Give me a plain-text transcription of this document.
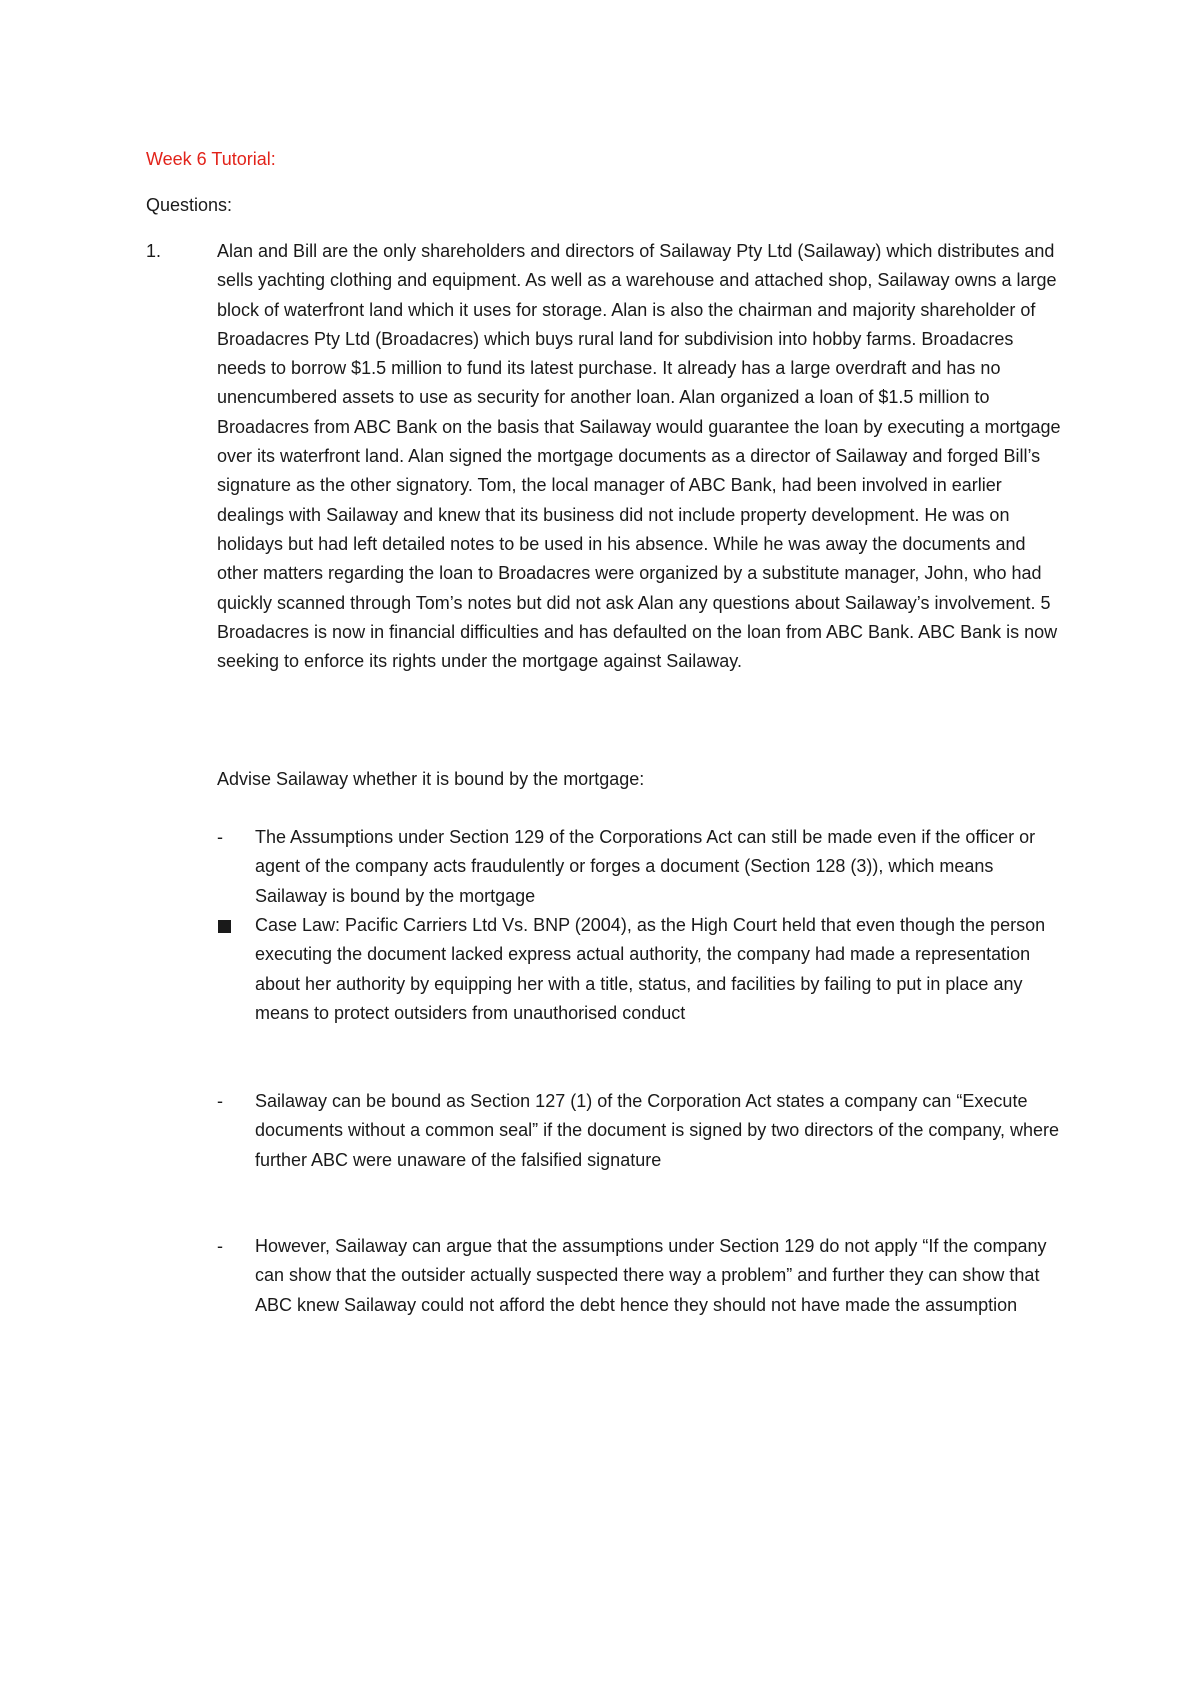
Week 6 Tutorial:

Questions:

1.	Alan and Bill are the only shareholders and directors of Sailaway Pty Ltd (Sailaway) which distributes and sells yachting clothing and equipment. As well as a warehouse and attached shop, Sailaway owns a large block of waterfront land which it uses for storage. Alan is also the chairman and majority shareholder of Broadacres Pty Ltd (Broadacres) which buys rural land for subdivision into hobby farms. Broadacres needs to borrow $1.5 million to fund its latest purchase. It already has a large overdraft and has no unencumbered assets to use as security for another loan. Alan organized a loan of $1.5 million to Broadacres from ABC Bank on the basis that Sailaway would guarantee the loan by executing a mortgage over its waterfront land. Alan signed the mortgage documents as a director of Sailaway and forged Bill’s signature as the other signatory. Tom, the local manager of ABC Bank, had been involved in earlier dealings with Sailaway and knew that its business did not include property development. He was on holidays but had left detailed notes to be used in his absence. While he was away the documents and other matters regarding the loan to Broadacres were organized by a substitute manager, John, who had quickly scanned through Tom’s notes but did not ask Alan any questions about Sailaway’s involvement. 5 Broadacres is now in financial difficulties and has defaulted on the loan from ABC Bank. ABC Bank is now seeking to enforce its rights under the mortgage against Sailaway.

Advise Sailaway whether it is bound by the mortgage:

-	The Assumptions under Section 129 of the Corporations Act can still be made even if the officer or agent of the company acts fraudulently or forges a document (Section 128 (3)), which means Sailaway is bound by the mortgage

Case Law: Pacific Carriers Ltd Vs. BNP (2004), as the High Court held that even though the person executing the document lacked express actual authority, the company had made a representation about her authority by equipping her with a title, status, and facilities by failing to put in place any means to protect outsiders from unauthorised conduct

-	Sailaway can be bound as Section 127 (1) of the Corporation Act states a company can “Execute documents without a common seal” if the document is signed by two directors of the company, where further ABC were unaware of the falsified signature

-	However, Sailaway can argue that the assumptions under Section 129 do not apply “If the company can show that the outsider actually suspected there way a problem” and further they can show that ABC knew Sailaway could not afford the debt hence they should not have made the assumption
